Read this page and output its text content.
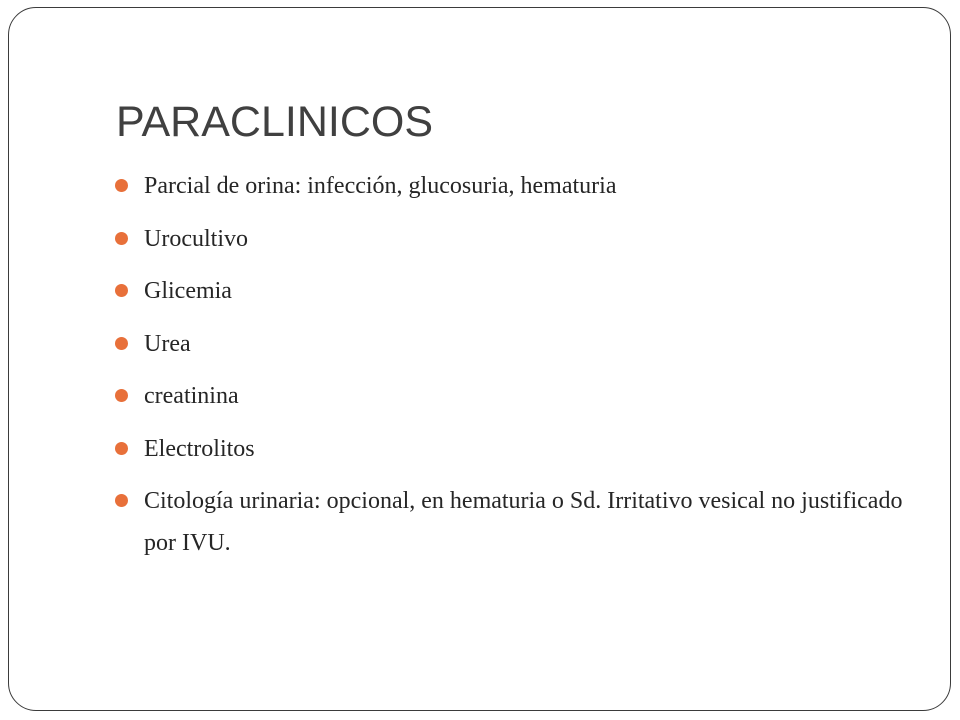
PARACLINICOS
Parcial de orina: infección, glucosuria, hematuria
Urocultivo
Glicemia
Urea
creatinina
Electrolitos
Citología urinaria: opcional, en hematuria o Sd. Irritativo vesical no justificado por IVU.
